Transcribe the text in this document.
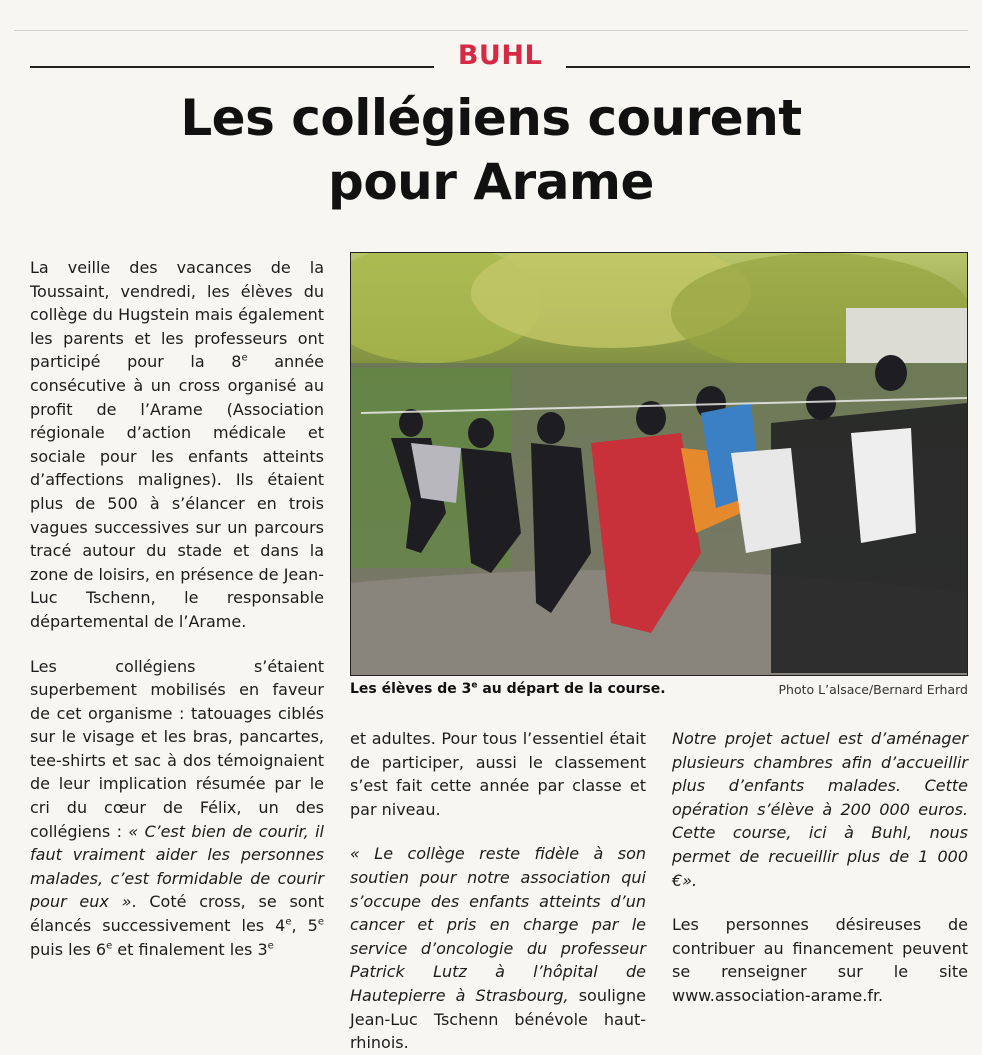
BUHL
Les collégiens courent
pour Arame

La veille des vacances de la Toussaint, vendredi, les élèves du collège du Hugstein mais également les parents et les professeurs ont participé pour la 8e année consécutive à un cross organisé au profit de l’Arame (Association régionale d’action médicale et sociale pour les enfants atteints d’affections malignes). Ils étaient plus de 500 à s’élancer en trois vagues successives sur un parcours tracé autour du stade et dans la zone de loisirs, en présence de Jean-Luc Tschenn, le responsable départemental de l’Arame.

Les collégiens s’étaient superbement mobilisés en faveur de cet organisme : tatouages ciblés sur le visage et les bras, pancartes, tee-shirts et sac à dos témoignaient de leur implication résumée par le cri du cœur de Félix, un des collégiens : « C’est bien de courir, il faut vraiment aider les personnes malades, c’est formidable de courir pour eux ». Coté cross, se sont élancés successivement les 4e, 5e puis les 6e et finalement les 3e

Les élèves de 3e au départ de la course.	Photo L’alsace/Bernard Erhard

et adultes. Pour tous l’essentiel était de participer, aussi le classement s’est fait cette année par classe et par niveau.

« Le collège reste fidèle à son soutien pour notre association qui s’occupe des enfants atteints d’un cancer et pris en charge par le service d’oncologie du professeur Patrick Lutz à l’hôpital de Hautepierre à Strasbourg, souligne Jean-Luc Tschenn bénévole haut-rhinois.

Notre projet actuel est d’aménager plusieurs chambres afin d’accueillir plus d’enfants malades. Cette opération s’élève à 200 000 euros. Cette course, ici à Buhl, nous permet de recueillir plus de 1 000 €».

Les personnes désireuses de contribuer au financement peuvent se renseigner sur le site www.association-arame.fr.
